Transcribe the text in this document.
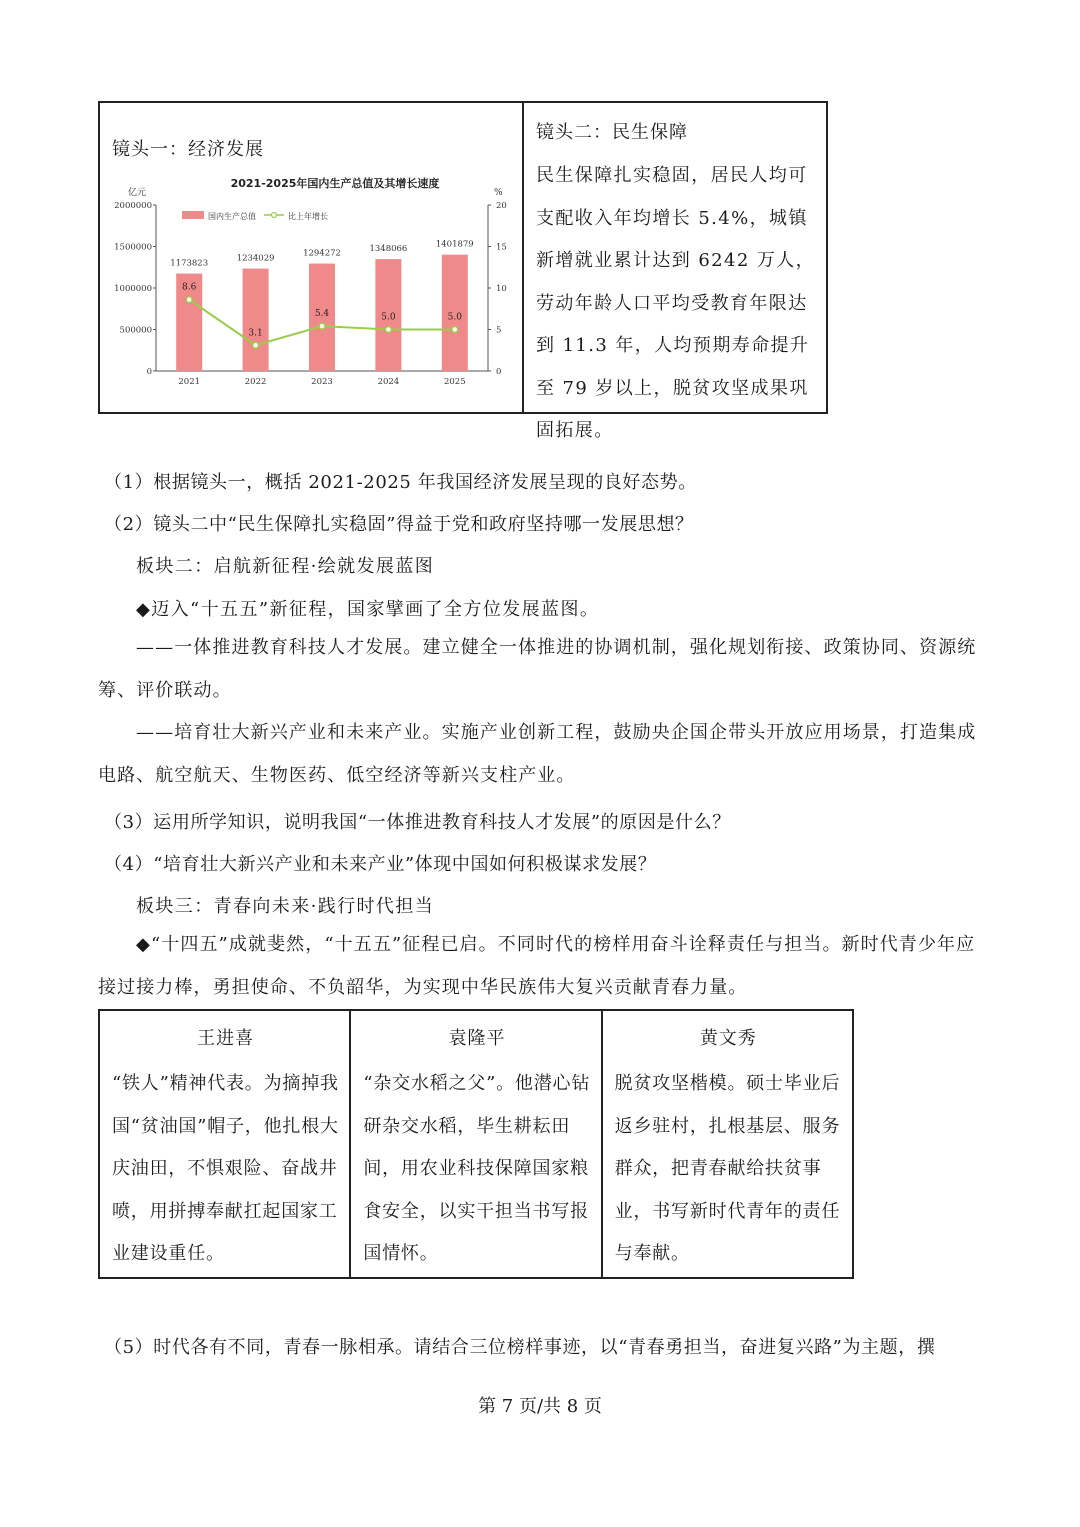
镜头一：经济发展
2021-2025年国内生产总值及其增长速度
亿元	%
0
500000
1000000
1500000
2000000
0
5
10
15
20
国内生产总值	比上年增长
1173823
2021
1234029
2022
1294272
2023
1348066
2024
1401879
2025
8.6
3.1
5.4	5.0	5.0
镜头二：民生保障
民生保障扎实稳固，居民人均可支配收入年均增长 5.4%，城镇新增就业累计达到 6242 万人，劳动年龄人口平均受教育年限达到 11.3 年，人均预期寿命提升至 79 岁以上，脱贫攻坚成果巩固拓展。
（1）根据镜头一，概括 2021-2025 年我国经济发展呈现的良好态势。
（2）镜头二中“民生保障扎实稳固”得益于党和政府坚持哪一发展思想？
板块二：启航新征程·绘就发展蓝图
◆迈入“十五五”新征程，国家擘画了全方位发展蓝图。

——一体推进教育科技人才发展。建立健全一体推进的协调机制，强化规划衔接、政策协同、资源统筹、评价联动。

——培育壮大新兴产业和未来产业。实施产业创新工程，鼓励央企国企带头开放应用场景，打造集成电路、航空航天、生物医药、低空经济等新兴支柱产业。

（3）运用所学知识，说明我国“一体推进教育科技人才发展”的原因是什么？
（4）“培育壮大新兴产业和未来产业”体现中国如何积极谋求发展？
板块三：青春向未来·践行时代担当

◆“十四五”成就斐然，“十五五”征程已启。不同时代的榜样用奋斗诠释责任与担当。新时代青少年应接过接力棒，勇担使命、不负韶华，为实现中华民族伟大复兴贡献青春力量。

王进喜
“铁人”精神代表。为摘掉我国“贫油国”帽子，他扎根大庆油田，不惧艰险、奋战井喷，用拼搏奉献扛起国家工业建设重任。
袁隆平
“杂交水稻之父”。他潜心钻研杂交水稻，毕生耕耘田间，用农业科技保障国家粮食安全，以实干担当书写报国情怀。
黄文秀
脱贫攻坚楷模。硕士毕业后返乡驻村，扎根基层、服务群众，把青春献给扶贫事业，书写新时代青年的责任与奉献。
（5）时代各有不同，青春一脉相承。请结合三位榜样事迹，以“青春勇担当，奋进复兴路”为主题，撰
第 7 页/共 8 页
